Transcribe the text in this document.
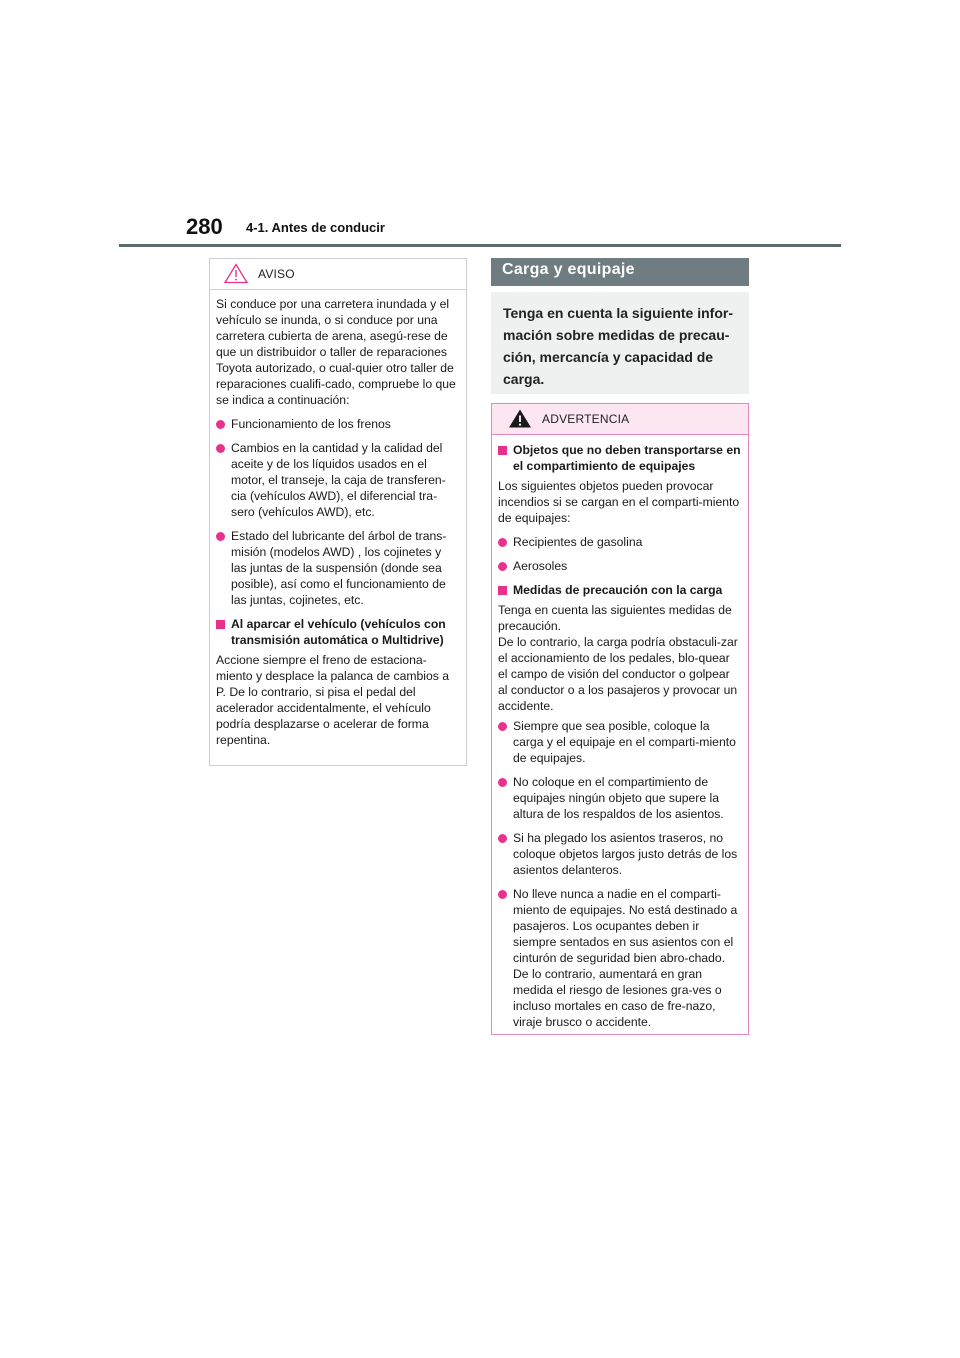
280 4-1. Antes de conducir
AVISO

Si conduce por una carretera inundada y el vehículo se inunda, o si conduce por una carretera cubierta de arena, asegú-rese de que un distribuidor o taller de reparaciones Toyota autorizado, o cual-quier otro taller de reparaciones cualifi-cado, compruebe lo que se indica a continuación:

Funcionamiento de los frenos
Cambios en la cantidad y la calidad del aceite y de los líquidos usados en el motor, el transeje, la caja de transferen-cia (vehículos AWD), el diferencial tra-sero (vehículos AWD), etc.
Estado del lubricante del árbol de trans-misión (modelos AWD) , los cojinetes y las juntas de la suspensión (donde sea posible), así como el funcionamiento de las juntas, cojinetes, etc.
Al aparcar el vehículo (vehículos con transmisión automática o Multidrive)

Accione siempre el freno de estaciona-miento y desplace la palanca de cambios a P. De lo contrario, si pisa el pedal del acelerador accidentalmente, el vehículo podría desplazarse o acelerar de forma repentina.

Carga y equipaje

Tenga en cuenta la siguiente infor-

mación sobre medidas de precau-

ción, mercancía y capacidad de

carga.

ADVERTENCIA
Objetos que no deben transportarse en el compartimiento de equipajes

Los siguientes objetos pueden provocar incendios si se cargan en el comparti-miento de equipajes:

Recipientes de gasolina
Aerosoles
Medidas de precaución con la carga

Tenga en cuenta las siguientes medidas de precaución.

De lo contrario, la carga podría obstaculi-zar el accionamiento de los pedales, blo-quear el campo de visión del conductor o golpear al conductor o a los pasajeros y provocar un accidente.

Siempre que sea posible, coloque la carga y el equipaje en el comparti-miento de equipajes.
No coloque en el compartimiento de equipajes ningún objeto que supere la altura de los respaldos de los asientos.
Si ha plegado los asientos traseros, no coloque objetos largos justo detrás de los asientos delanteros.
No lleve nunca a nadie en el comparti-miento de equipajes. No está destinado a pasajeros. Los ocupantes deben ir siempre sentados en sus asientos con el cinturón de seguridad bien abro-chado. De lo contrario, aumentará en gran medida el riesgo de lesiones gra-ves o incluso mortales en caso de fre-nazo, viraje brusco o accidente.
